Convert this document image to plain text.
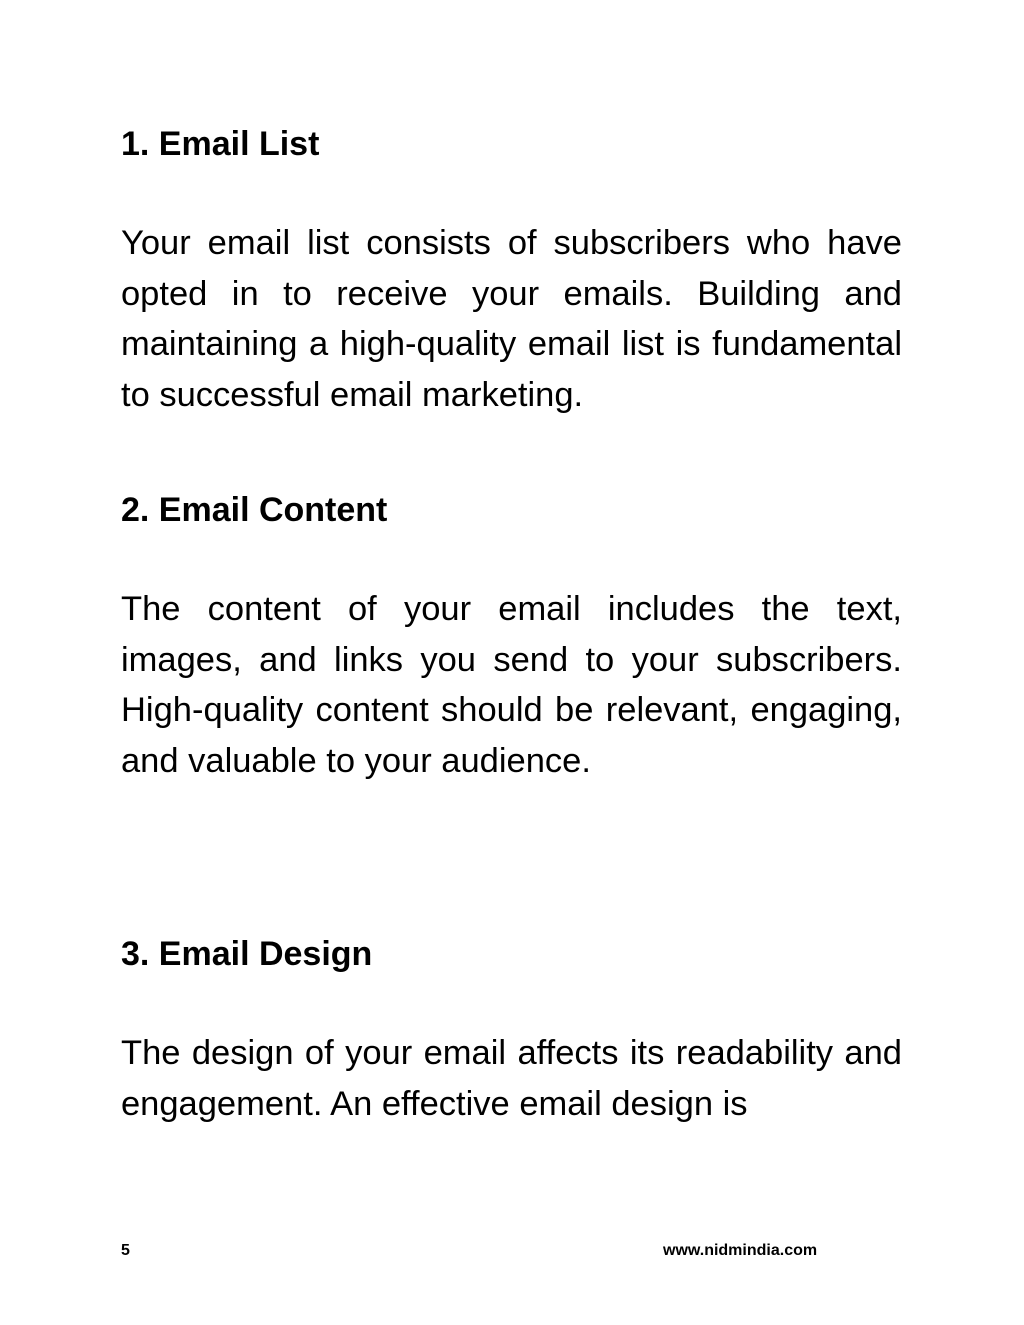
1. Email List

Your email list consists of subscribers who have opted in to receive your emails. Building and maintaining a high-quality email list is fundamental to successful email marketing.

2. Email Content

The content of your email includes the text, images, and links you send to your subscribers. High-quality content should be relevant, engaging, and valuable to your audience.

3. Email Design

The design of your email affects its readability and engagement. An effective email design is

5	www.nidmindia.com
